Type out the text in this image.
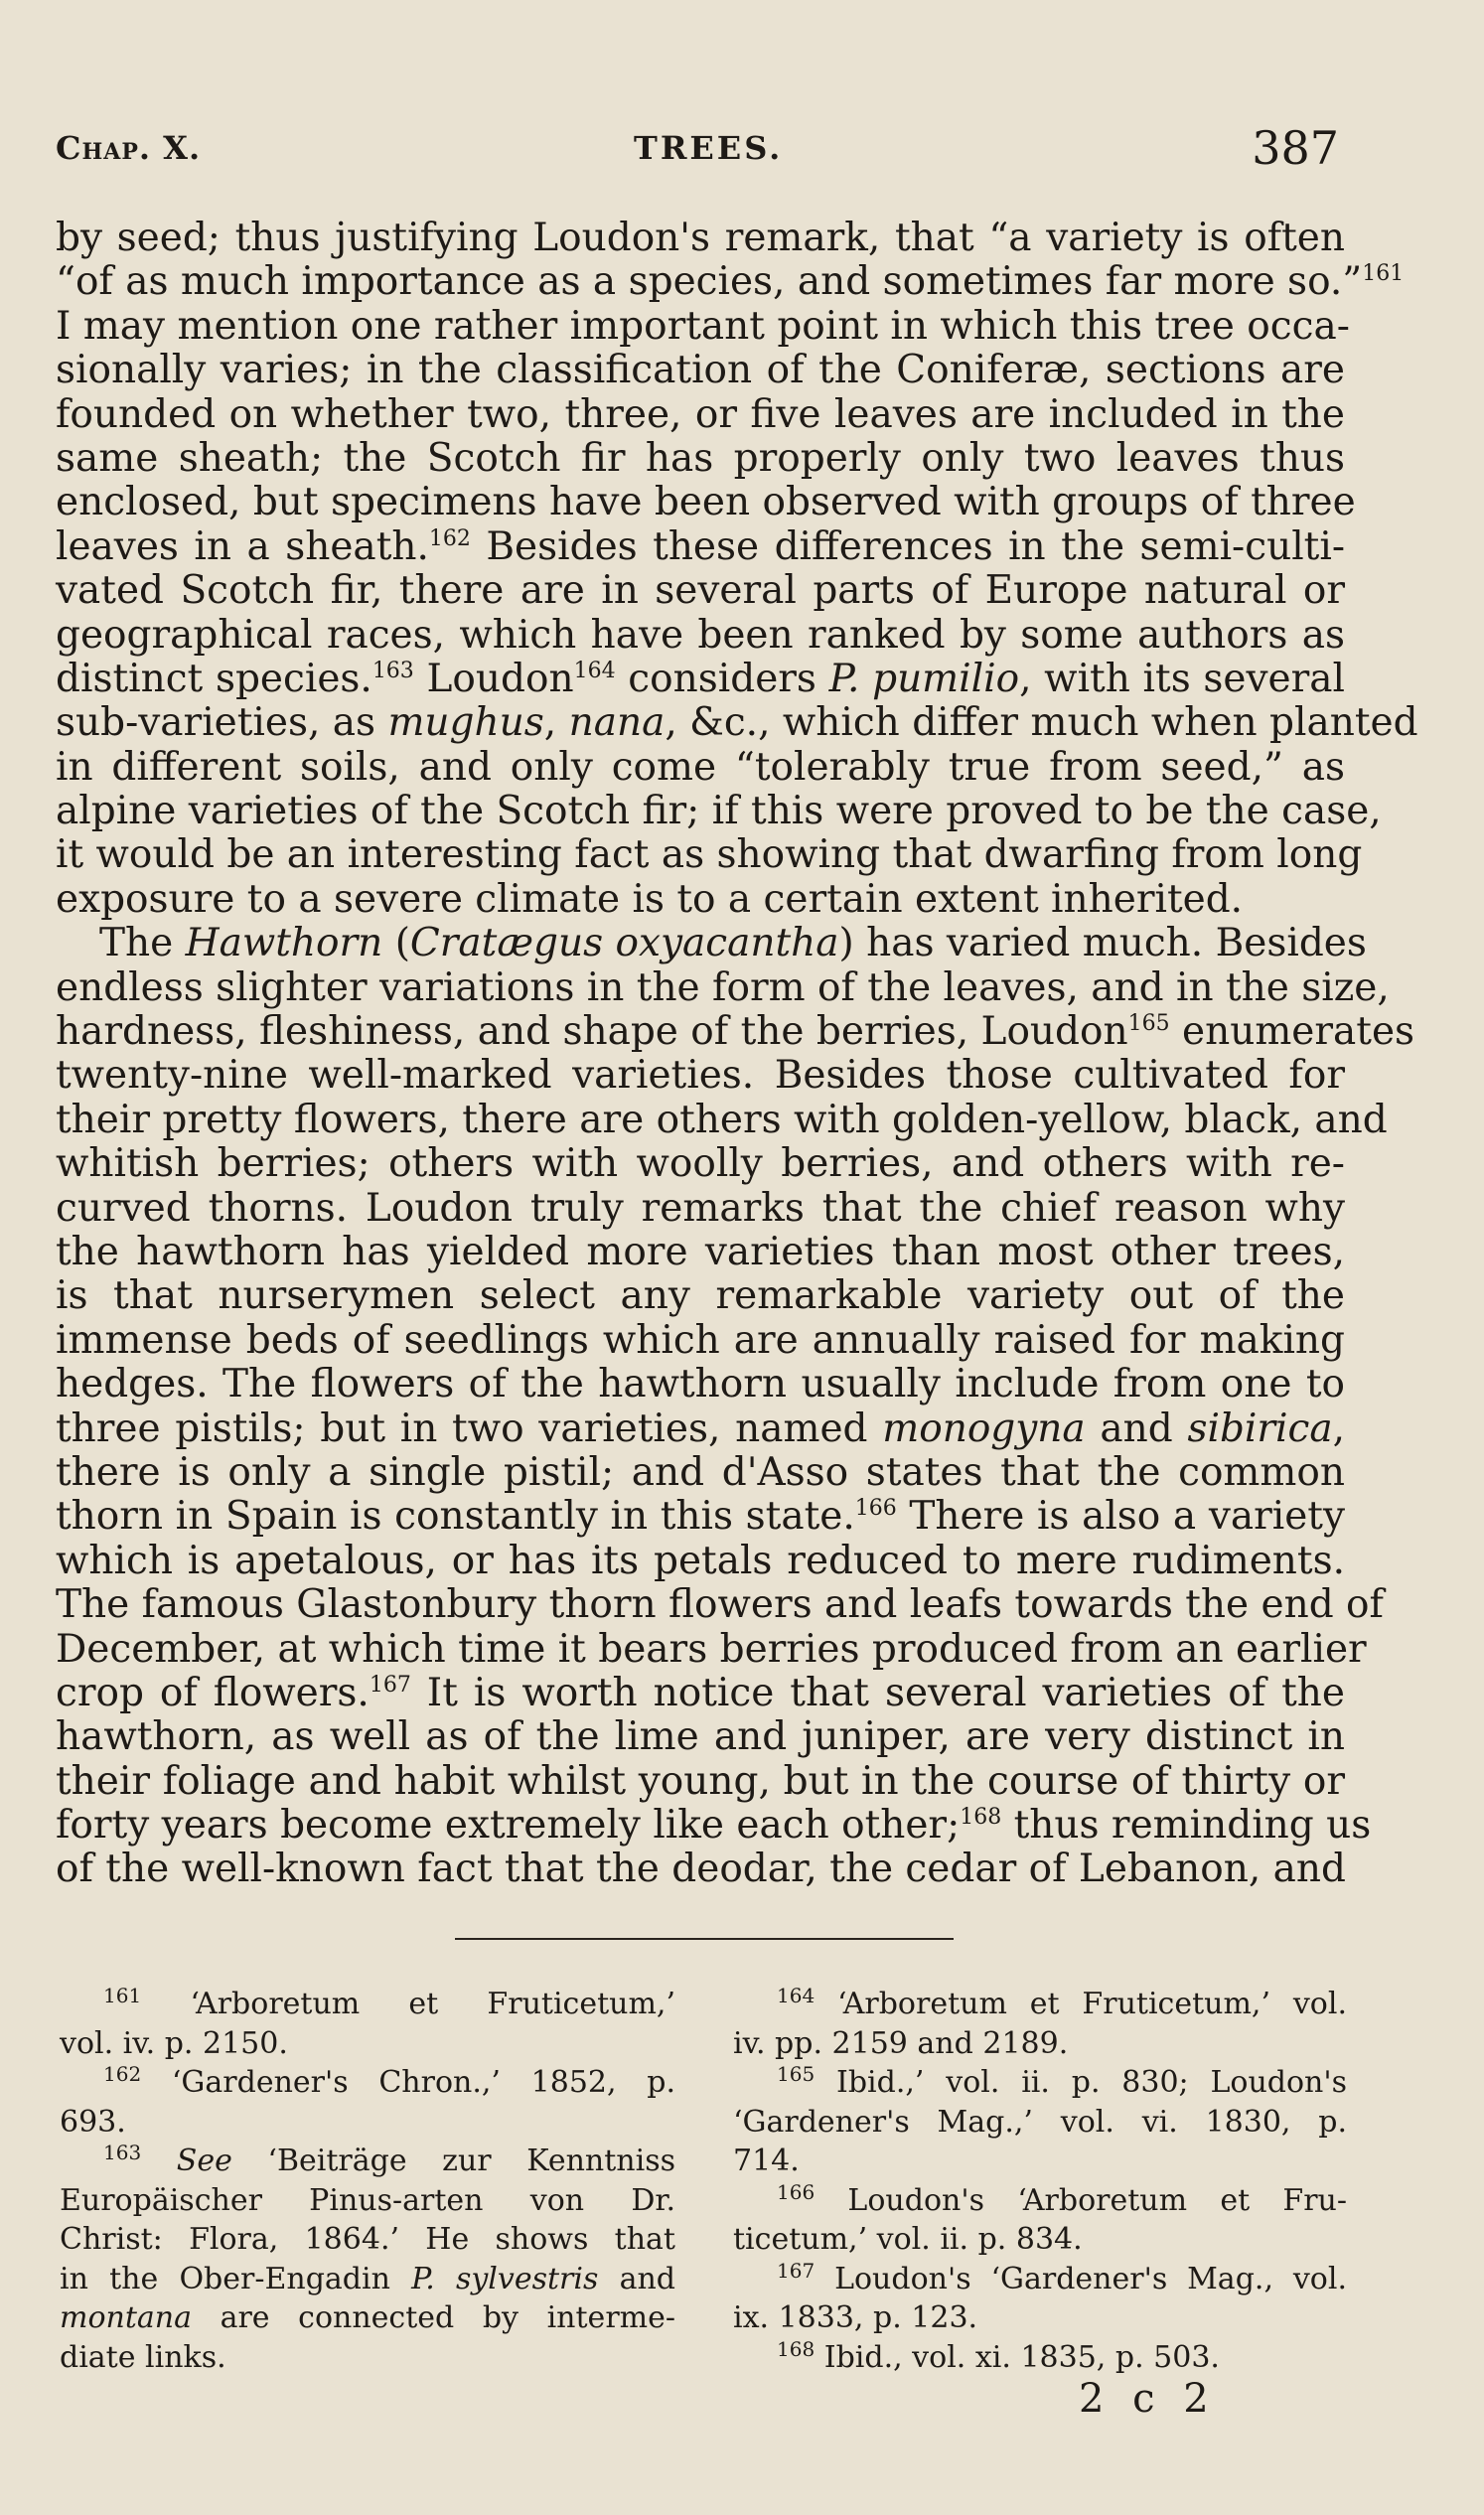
Chap. X.	TREES.	387
by seed; thus justifying Loudon's remark, that “a variety is often
“of as much importance as a species, and sometimes far more so.”$^{161}$
I may mention one rather important point in which this tree occa-
sionally varies; in the classification of the Coniferæ, sections are
founded on whether two, three, or five leaves are included in the
same sheath; the Scotch fir has properly only two leaves thus
enclosed, but specimens have been observed with groups of three
leaves in a sheath.$^{162}$ Besides these differences in the semi-culti-
vated Scotch fir, there are in several parts of Europe natural or
geographical races, which have been ranked by some authors as
distinct species.$^{163}$ Loudon$^{164}$ considers P. pumilio, with its several
sub-varieties, as mughus, nana, &c., which differ much when planted
in different soils, and only come “tolerably true from seed,” as
alpine varieties of the Scotch fir; if this were proved to be the case,
it would be an interesting fact as showing that dwarfing from long
exposure to a severe climate is to a certain extent inherited.
The Hawthorn (Cratægus oxyacantha) has varied much. Besides
endless slighter variations in the form of the leaves, and in the size,
hardness, fleshiness, and shape of the berries, Loudon$^{165}$ enumerates
twenty-nine well-marked varieties. Besides those cultivated for
their pretty flowers, there are others with golden-yellow, black, and
whitish berries; others with woolly berries, and others with re-
curved thorns. Loudon truly remarks that the chief reason why
the hawthorn has yielded more varieties than most other trees,
is that nurserymen select any remarkable variety out of the
immense beds of seedlings which are annually raised for making
hedges. The flowers of the hawthorn usually include from one to
three pistils; but in two varieties, named monogyna and sibirica,
there is only a single pistil; and d'Asso states that the common
thorn in Spain is constantly in this state.$^{166}$ There is also a variety
which is apetalous, or has its petals reduced to mere rudiments.
The famous Glastonbury thorn flowers and leafs towards the end of
December, at which time it bears berries produced from an earlier
crop of flowers.$^{167}$ It is worth notice that several varieties of the
hawthorn, as well as of the lime and juniper, are very distinct in
their foliage and habit whilst young, but in the course of thirty or
forty years become extremely like each other;$^{168}$ thus reminding us
of the well-known fact that the deodar, the cedar of Lebanon, and
$^{161}$ ‘Arboretum et Fruticetum,’
vol. iv. p. 2150.
$^{162}$ ‘Gardener's Chron.,’ 1852, p.
693.
$^{163}$ See ‘Beiträge zur Kenntniss
Europäischer Pinus-arten von Dr.
Christ: Flora, 1864.’ He shows that
in the Ober-Engadin P. sylvestris and
montana are connected by interme-
diate links.
$^{164}$ ‘Arboretum et Fruticetum,’ vol.
iv. pp. 2159 and 2189.
$^{165}$ Ibid.,’ vol. ii. p. 830; Loudon's
‘Gardener's Mag.,’ vol. vi. 1830, p.
714.
$^{166}$ Loudon's ‘Arboretum et Fru-
ticetum,’ vol. ii. p. 834.
$^{167}$ Loudon's ‘Gardener's Mag., vol.
ix. 1833, p. 123.
$^{168}$ Ibid., vol. xi. 1835, p. 503.
2 c 2
